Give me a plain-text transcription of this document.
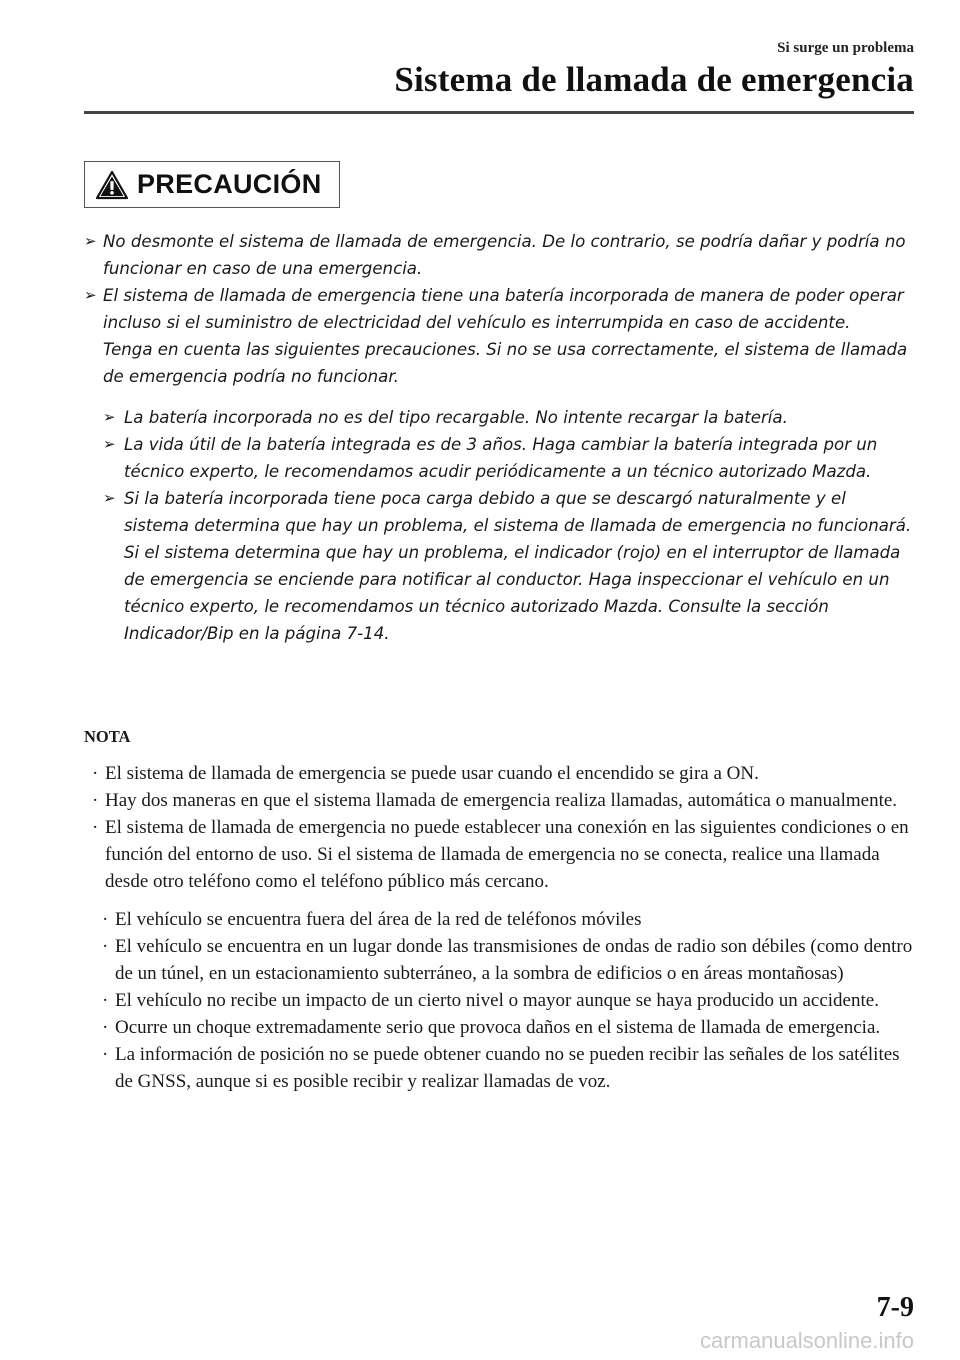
Si surge un problema
Sistema de llamada de emergencia
PRECAUCIÓN
➢ No desmonte el sistema de llamada de emergencia. De lo contrario, se podría dañar y podría no funcionar en caso de una emergencia.
➢ El sistema de llamada de emergencia tiene una batería incorporada de manera de poder operar incluso si el suministro de electricidad del vehículo es interrumpida en caso de accidente.
Tenga en cuenta las siguientes precauciones. Si no se usa correctamente, el sistema de llamada de emergencia podría no funcionar.
➢ La batería incorporada no es del tipo recargable. No intente recargar la batería.
➢ La vida útil de la batería integrada es de 3 años. Haga cambiar la batería integrada por un técnico experto, le recomendamos acudir periódicamente a un técnico autorizado Mazda.
➢ Si la batería incorporada tiene poca carga debido a que se descargó naturalmente y el sistema determina que hay un problema, el sistema de llamada de emergencia no funcionará. Si el sistema determina que hay un problema, el indicador (rojo) en el interruptor de llamada de emergencia se enciende para notificar al conductor. Haga inspeccionar el vehículo en un técnico experto, le recomendamos un técnico autorizado Mazda. Consulte la sección Indicador/Bip en la página 7-14.
NOTA
· El sistema de llamada de emergencia se puede usar cuando el encendido se gira a ON.
· Hay dos maneras en que el sistema llamada de emergencia realiza llamadas, automática o manualmente.
· El sistema de llamada de emergencia no puede establecer una conexión en las siguientes condiciones o en función del entorno de uso. Si el sistema de llamada de emergencia no se conecta, realice una llamada desde otro teléfono como el teléfono público más cercano.
· El vehículo se encuentra fuera del área de la red de teléfonos móviles
· El vehículo se encuentra en un lugar donde las transmisiones de ondas de radio son débiles (como dentro de un túnel, en un estacionamiento subterráneo, a la sombra de edificios o en áreas montañosas)
· El vehículo no recibe un impacto de un cierto nivel o mayor aunque se haya producido un accidente.
· Ocurre un choque extremadamente serio que provoca daños en el sistema de llamada de emergencia.
· La información de posición no se puede obtener cuando no se pueden recibir las señales de los satélites de GNSS, aunque si es posible recibir y realizar llamadas de voz.
7-9
carmanualsonline.info
